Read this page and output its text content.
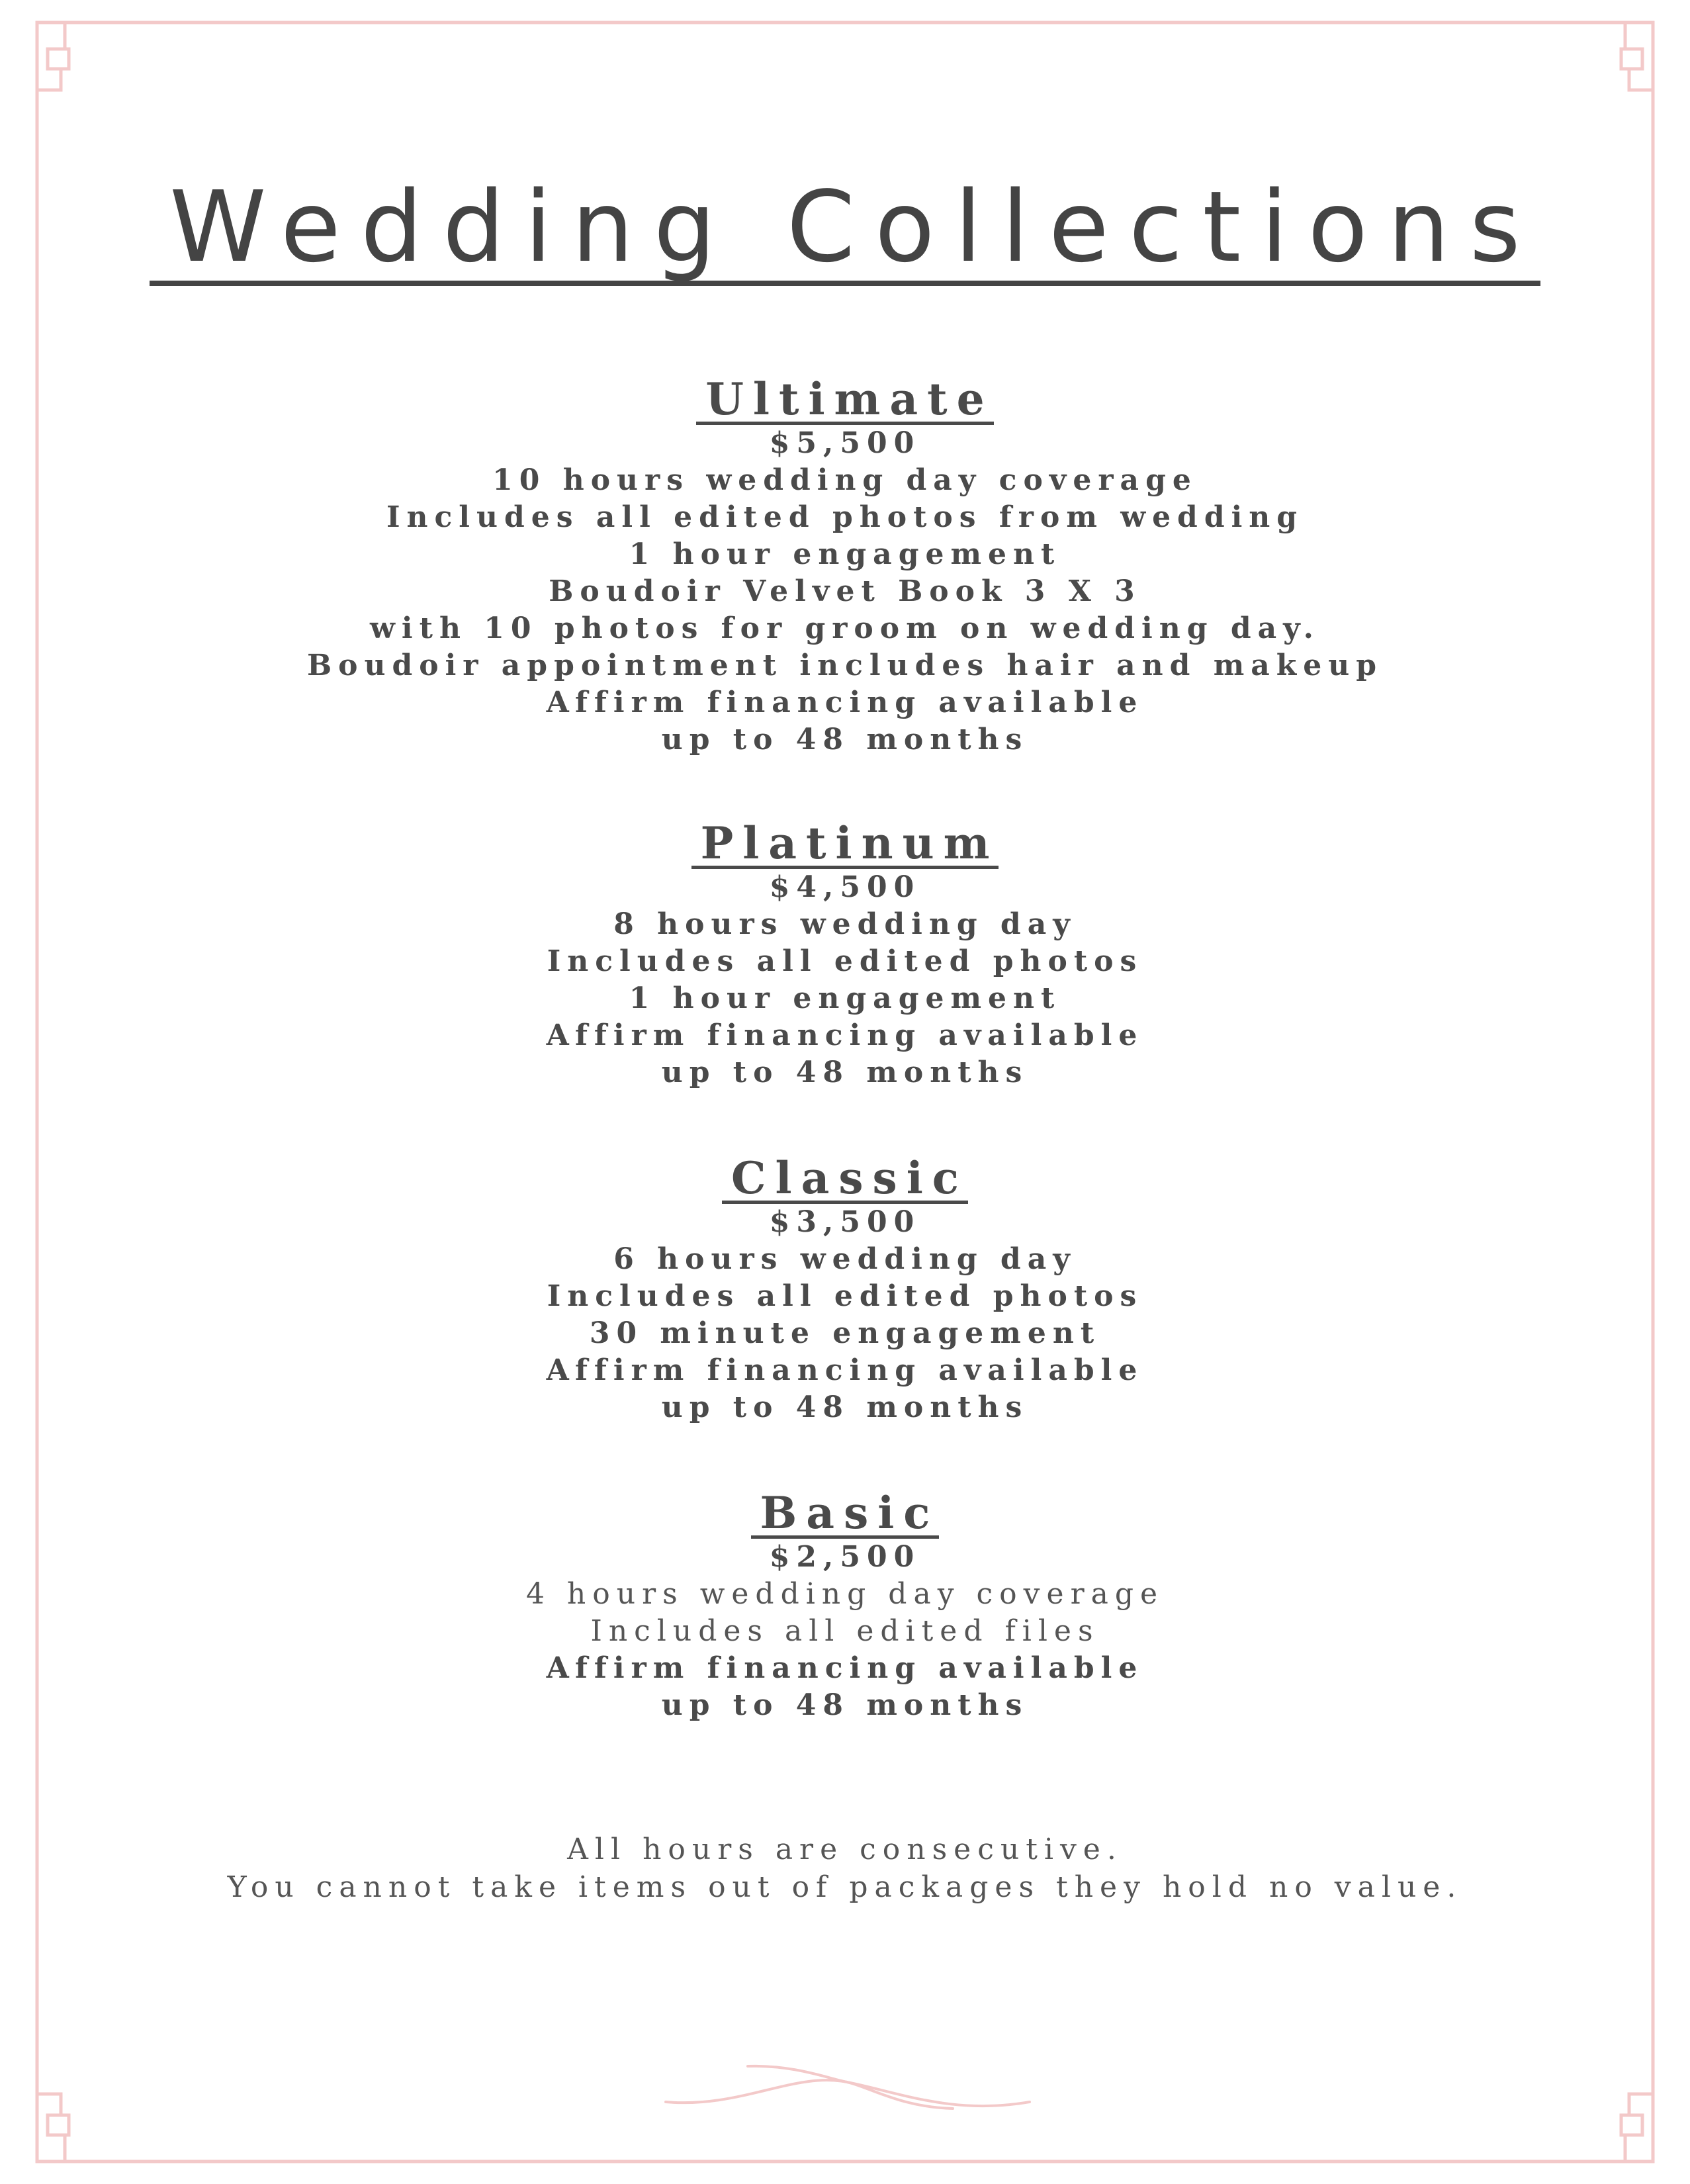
Wedding Collections
Ultimate
$5,500
10 hours wedding day coverage
Includes all edited photos from wedding
1 hour engagement
Boudoir Velvet Book 3 X 3
with 10 photos for groom on wedding day.
Boudoir appointment includes hair and makeup
Affirm financing available
up to 48 months
Platinum
$4,500
8 hours wedding day
Includes all edited photos
1 hour engagement
Affirm financing available
up to 48 months
Classic
$3,500
6 hours wedding day
Includes all edited photos
30 minute engagement
Affirm financing available
up to 48 months
Basic
$2,500
4 hours wedding day coverage
Includes all edited files
Affirm financing available
up to 48 months

All hours are consecutive.

You cannot take items out of packages they hold no value.
